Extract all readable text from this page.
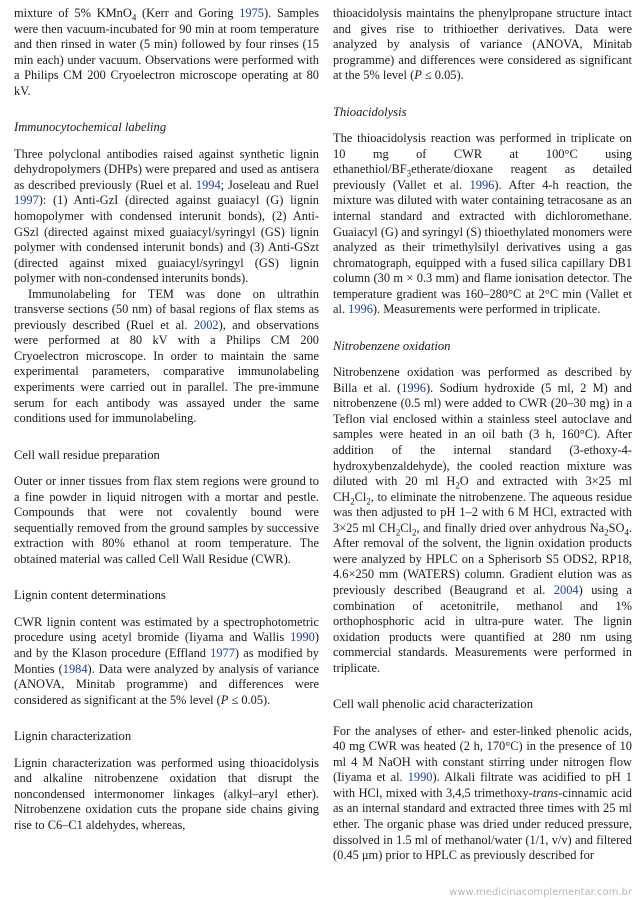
mixture of 5% KMnO$_4$ (Kerr and Goring 1975). Samples were then vacuum-incubated for 90 min at room temperature and then rinsed in water (5 min) followed by four rinses (15 min each) under vacuum. Observations were performed with a Philips CM 200 Cryoelectron microscope operating at 80 kV.

Immunocytochemical labeling

Three polyclonal antibodies raised against synthetic lignin dehydropolymers (DHPs) were prepared and used as antisera as described previously (Ruel et al. 1994; Joseleau and Ruel 1997): (1) Anti-GzI (directed against guaiacyl (G) lignin homopolymer with condensed interunit bonds), (2) Anti-GSzl (directed against mixed guaiacyl/syringyl (GS) lignin polymer with condensed interunit bonds) and (3) Anti-GSzt (directed against mixed guaiacyl/syringyl (GS) lignin polymer with non-condensed interunits bonds).

Immunolabeling for TEM was done on ultrathin transverse sections (50 nm) of basal regions of flax stems as previously described (Ruel et al. 2002), and observations were performed at 80 kV with a Philips CM 200 Cryoelectron microscope. In order to maintain the same experimental parameters, comparative immunolabeling experiments were carried out in parallel. The pre-immune serum for each antibody was assayed under the same conditions used for immunolabeling.

Cell wall residue preparation

Outer or inner tissues from flax stem regions were ground to a fine powder in liquid nitrogen with a mortar and pestle. Compounds that were not covalently bound were sequentially removed from the ground samples by successive extraction with 80% ethanol at room temperature. The obtained material was called Cell Wall Residue (CWR).

Lignin content determinations

CWR lignin content was estimated by a spectrophotometric procedure using acetyl bromide (Iiyama and Wallis 1990) and by the Klason procedure (Effland 1977) as modified by Monties (1984). Data were analyzed by analysis of variance (ANOVA, Minitab programme) and differences were considered as significant at the 5% level (P ≤ 0.05).

Lignin characterization

Lignin characterization was performed using thioacidolysis and alkaline nitrobenzene oxidation that disrupt the noncondensed intermonomer linkages (alkyl–aryl ether). Nitrobenzene oxidation cuts the propane side chains giving rise to C6–C1 aldehydes, whereas,

thioacidolysis maintains the phenylpropane structure intact and gives rise to trithioether derivatives. Data were analyzed by analysis of variance (ANOVA, Minitab programme) and differences were considered as significant at the 5% level (P ≤ 0.05).

Thioacidolysis

The thioacidolysis reaction was performed in triplicate on 10 mg of CWR at 100°C using ethanethiol/$BF_3etherate$/dioxane reagent as detailed previously (Vallet et al. 1996). After 4-h reaction, the mixture was diluted with water containing tetracosane as an internal standard and extracted with dichloromethane. Guaiacyl (G) and syringyl (S) thioethylated monomers were analyzed as their trimethylsilyl derivatives using a gas chromatograph, equipped with a fused silica capillary DB1 column (30 m × 0.3 mm) and flame ionisation detector. The temperature gradient was 160–280°C at 2°C min (Vallet et al. 1996). Measurements were performed in triplicate.

Nitrobenzene oxidation

Nitrobenzene oxidation was performed as described by Billa et al. (1996). Sodium hydroxide (5 ml, 2 M) and nitrobenzene (0.5 ml) were added to CWR (20–30 mg) in a Teflon vial enclosed within a stainless steel autoclave and samples were heated in an oil bath (3 h, 160°C). After addition of the internal standard (3-ethoxy-4-hydroxybenzaldehyde), the cooled reaction mixture was diluted with 20 ml $H_2O$ and extracted with 3×25 ml $CH_2Cl_2$, to eliminate the nitrobenzene. The aqueous residue was then adjusted to pH 1–2 with 6 M HCl, extracted with 3×25 ml $CH_2Cl_2$, and finally dried over anhydrous $Na_2SO_4$. After removal of the solvent, the lignin oxidation products were analyzed by HPLC on a Spherisorb S5 ODS2, RP18, 4.6×250 mm (WATERS) column. Gradient elution was as previously described (Beaugrand et al. 2004) using a combination of acetonitrile, methanol and 1% orthophosphoric acid in ultra-pure water. The lignin oxidation products were quantified at 280 nm using commercial standards. Measurements were performed in triplicate.

Cell wall phenolic acid characterization

For the analyses of ether- and ester-linked phenolic acids, 40 mg CWR was heated (2 h, 170°C) in the presence of 10 ml 4 M NaOH with constant stirring under nitrogen flow (Iiyama et al. 1990). Alkali filtrate was acidified to pH 1 with HCl, mixed with 3,4,5 trimethoxy-trans-cinnamic acid as an internal standard and extracted three times with 25 ml ether. The organic phase was dried under reduced pressure, dissolved in 1.5 ml of methanol/water (1/1, v/v) and filtered (0.45 μm) prior to HPLC as previously described for

www.medicinacomplementar.com.br
